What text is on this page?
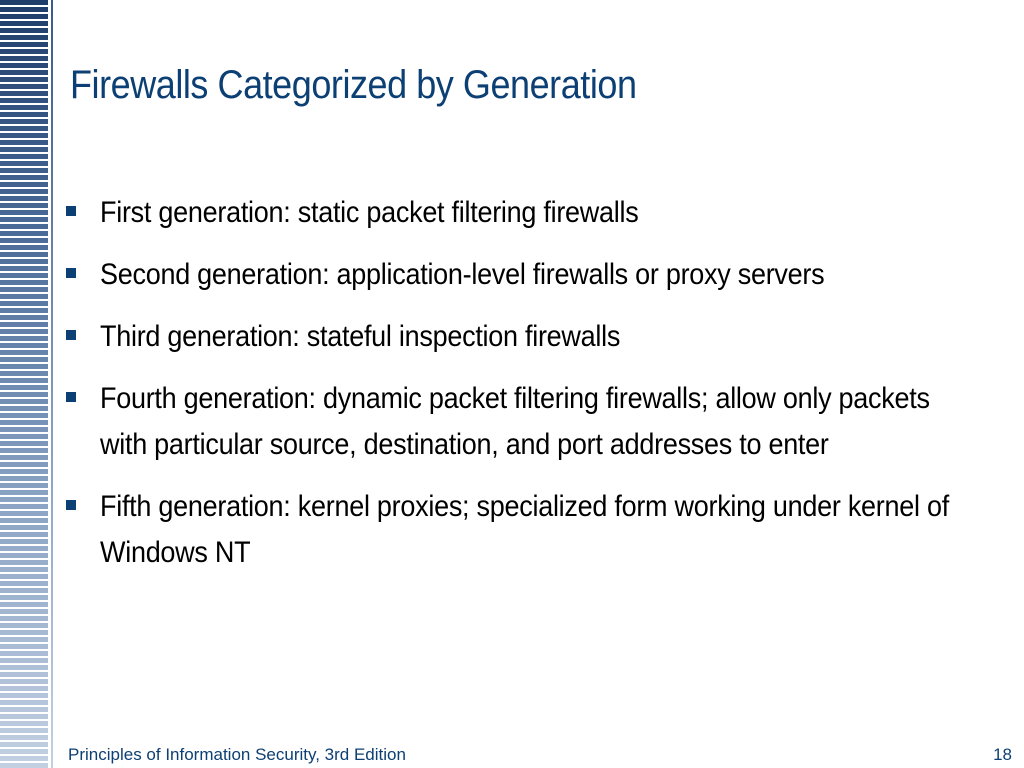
Firewalls Categorized by Generation
First generation: static packet filtering firewalls
Second generation: application-level firewalls or proxy servers
Third generation: stateful inspection firewalls
Fourth generation: dynamic packet filtering firewalls; allow only packets with particular source, destination, and port addresses to enter
Fifth generation: kernel proxies; specialized form working under kernel of Windows NT
Principles of Information Security, 3rd Edition	18
